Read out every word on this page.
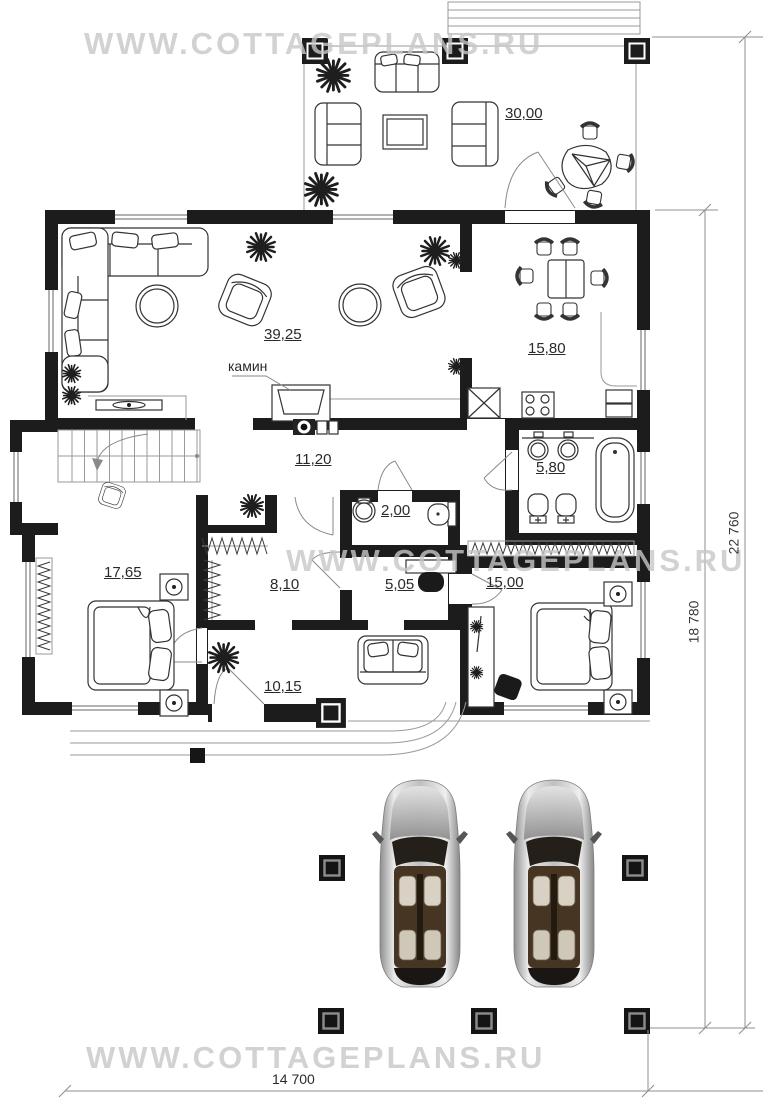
WWW.COTTAGEPLANS.RU
WWW.COTTAGEPLANS.RU
WWW.COTTAGEPLANS.RU
30,00
39,25
15,80
11,20
2,00
5,80
17,65
8,10	5,05	15,00
10,15
камин
22 760
18 780
14 700
